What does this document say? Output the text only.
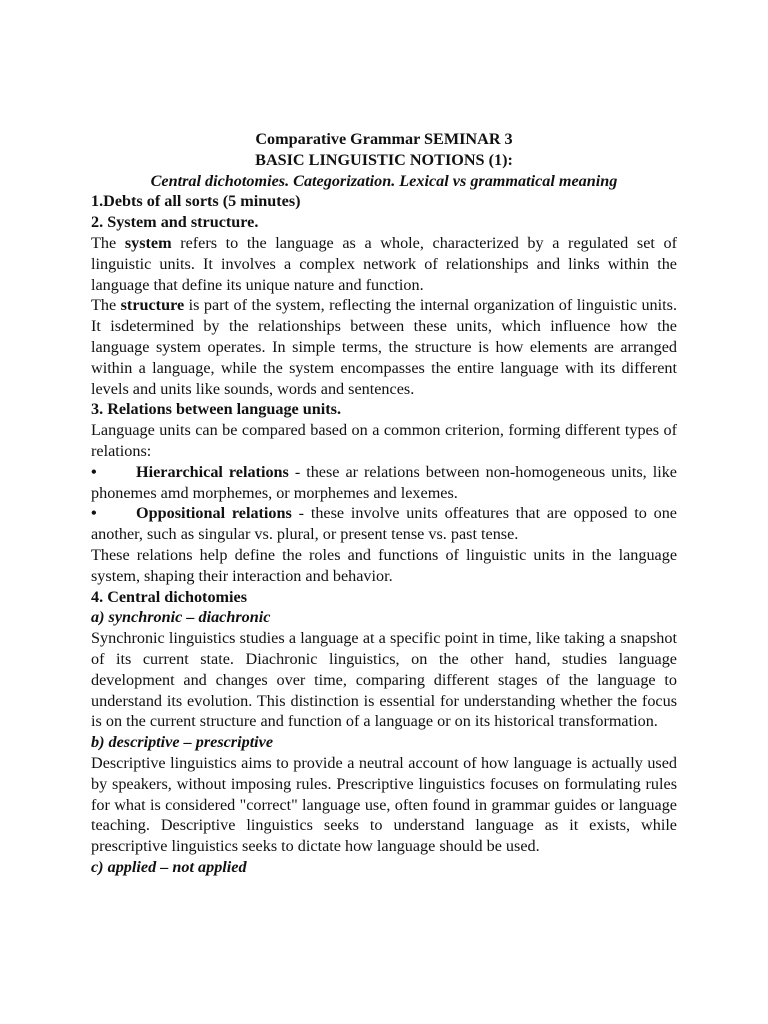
Comparative Grammar SEMINAR 3

BASIC LINGUISTIC NOTIONS (1):

Central dichotomies. Categorization. Lexical vs grammatical meaning

1.Debts of all sorts (5 minutes)

2. System and structure.

The system refers to the language as a whole, characterized by a regulated set of linguistic units. It involves a complex network of relationships and links within the language that define its unique nature and function.

The structure is part of the system, reflecting the internal organization of linguistic units. It isdetermined by the relationships between these units, which influence how the language system operates. In simple terms, the structure is how elements are arranged within a language, while the system encompasses the entire language with its different levels and units like sounds, words and sentences.

3. Relations between language units.

Language units can be compared based on a common criterion, forming different types of relations:

• Hierarchical relations - these ar relations between non-homogeneous units, like phonemes amd morphemes, or morphemes and lexemes.

• Oppositional relations - these involve units offeatures that are opposed to one another, such as singular vs. plural, or present tense vs. past tense.

These relations help define the roles and functions of linguistic units in the language system, shaping their interaction and behavior.

4. Central dichotomies

a) synchronic – diachronic

Synchronic linguistics studies a language at a specific point in time, like taking a snapshot of its current state. Diachronic linguistics, on the other hand, studies language development and changes over time, comparing different stages of the language to understand its evolution. This distinction is essential for understanding whether the focus is on the current structure and function of a language or on its historical transformation.

b) descriptive – prescriptive

Descriptive linguistics aims to provide a neutral account of how language is actually used by speakers, without imposing rules. Prescriptive linguistics focuses on formulating rules for what is considered "correct" language use, often found in grammar guides or language teaching. Descriptive linguistics seeks to understand language as it exists, while prescriptive linguistics seeks to dictate how language should be used.

c) applied – not applied
